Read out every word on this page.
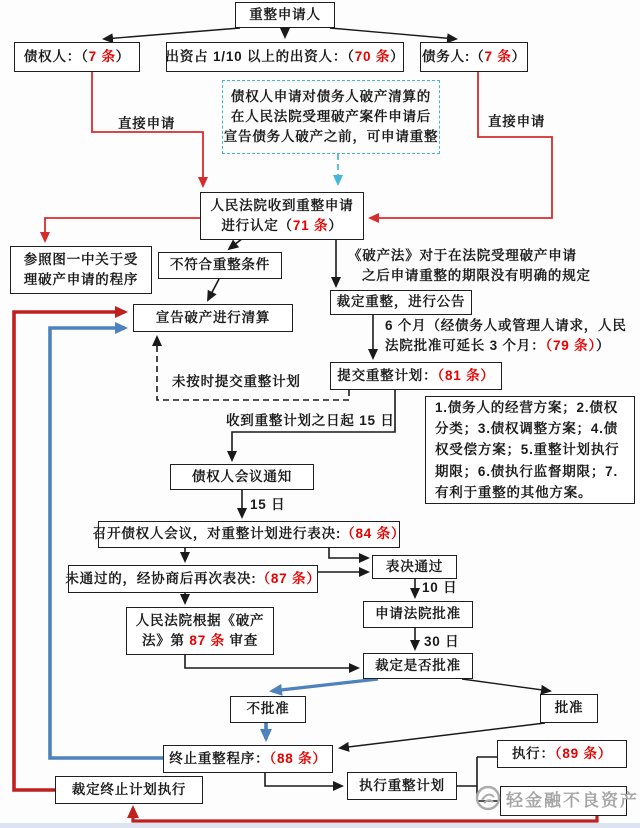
重整申请人
债权人：（7 条）	出资占 1/10 以上的出资人：（70 条） 债务人:（7 条）
债权人申请对债务人破产清算的
在人民法院受理破产案件申请后
宣告债务人破产之前，可申请重整
人民法院收到重整申请
进行认定（71 条）
参照图一中关于受
理破产申请的程序
不符合重整条件
宣告破产进行清算
裁定重整，进行公告
提交重整计划：（81 条）
1.债务人的经营方案；2.债权
分类；3.债权调整方案；4.债
权受偿方案；5.重整计划执行
期限；6.债执行监督期限；7.
有利于重整的其他方案。
债权人会议通知
召开债权人会议，对重整计划进行表决:（84 条）
未通过的，经协商后再次表决:（87 条）
表决通过
申请法院批准
人民法院根据《破产
法》第 87 条 审查
裁定是否批准
不批准	批准
终止重整程序：（88 条）
裁定终止计划执行	执行重整计划
执行：（89 条）
直接申请	直接申请
《破产法》对于在法院受理破产申请
之后申请重整的期限没有明确的规定
6 个月（经债务人或管理人请求，人民
法院批准可延长 3 个月：（79 条））
未按时提交重整计划
收到重整计划之日起 15 日
15 日
10 日
30 日
轻金融不良资产
